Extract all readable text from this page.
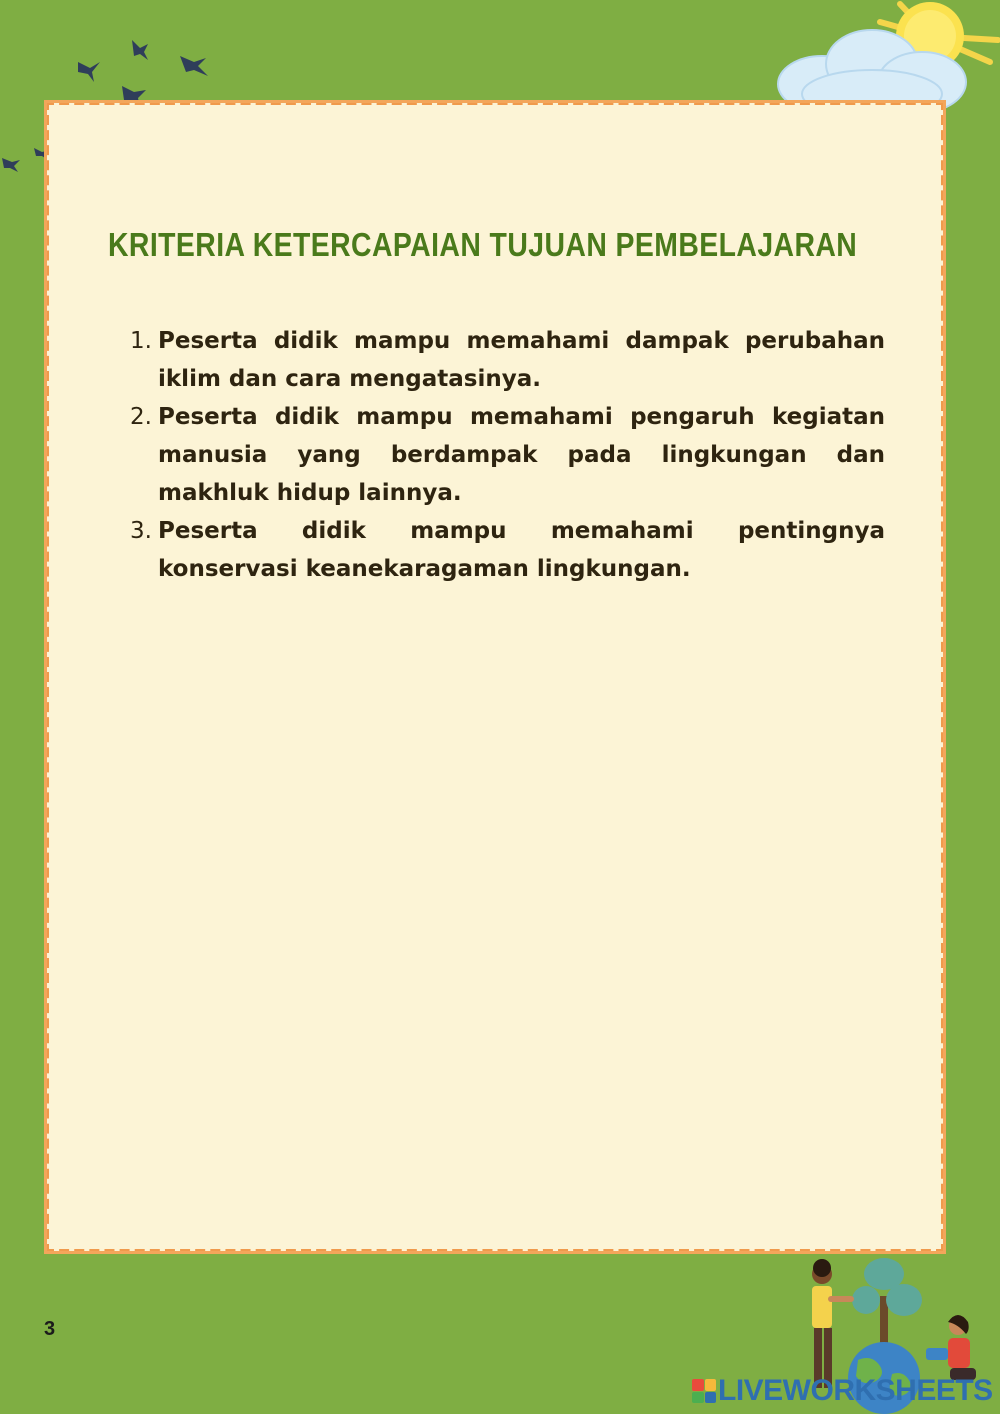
KRITERIA KETERCAPAIAN TUJUAN PEMBELAJARAN
1. Peserta didik mampu memahami dampak perubahan iklim dan cara mengatasinya.
2. Peserta didik mampu memahami pengaruh kegiatan manusia yang berdampak pada lingkungan dan makhluk hidup lainnya.
3. Peserta didik mampu memahami pentingnya konservasi keanekaragaman lingkungan.
3
LIVEWORKSHEETS
